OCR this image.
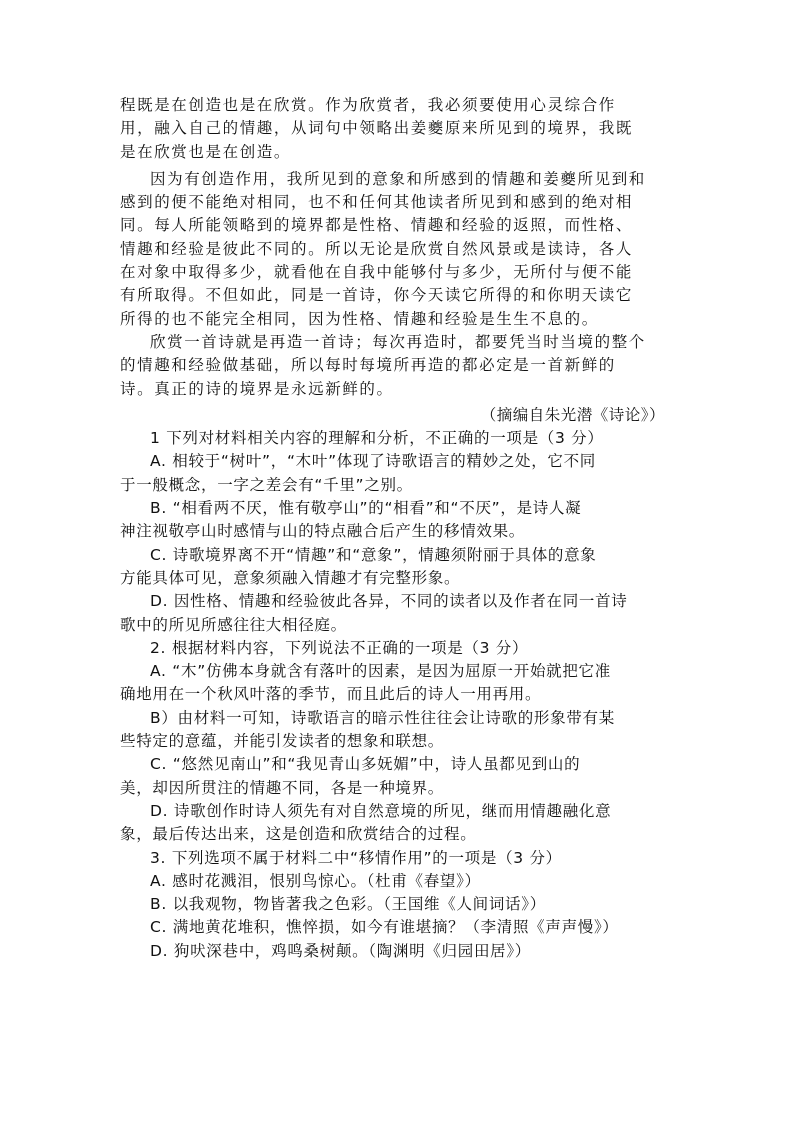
程既是在创造也是在欣赏。作为欣赏者，我必须要使用心灵综合作
用，融入自己的情趣，从词句中领略出姜夔原来所见到的境界，我既
是在欣赏也是在创造。
因为有创造作用，我所见到的意象和所感到的情趣和姜夔所见到和
感到的便不能绝对相同，也不和任何其他读者所见到和感到的绝对相
同。每人所能领略到的境界都是性格、情趣和经验的返照，而性格、
情趣和经验是彼此不同的。所以无论是欣赏自然风景或是读诗，各人
在对象中取得多少，就看他在自我中能够付与多少，无所付与便不能
有所取得。不但如此，同是一首诗，你今天读它所得的和你明天读它
所得的也不能完全相同，因为性格、情趣和经验是生生不息的。
欣赏一首诗就是再造一首诗；每次再造时，都要凭当时当境的整个
的情趣和经验做基础，所以每时每境所再造的都必定是一首新鲜的
诗。真正的诗的境界是永远新鲜的。
（摘编自朱光潜《诗论》）
1 下列对材料相关内容的理解和分析，不正确的一项是（3 分）
A. 相较于“树叶”，“木叶”体现了诗歌语言的精妙之处，它不同
于一般概念，一字之差会有“千里”之别。
B. “相看两不厌，惟有敬亭山”的“相看”和“不厌”，是诗人凝
神注视敬亭山时感情与山的特点融合后产生的移情效果。
C. 诗歌境界离不开“情趣”和“意象”，情趣须附丽于具体的意象
方能具体可见，意象须融入情趣才有完整形象。
D. 因性格、情趣和经验彼此各异，不同的读者以及作者在同一首诗
歌中的所见所感往往大相径庭。
2. 根据材料内容，下列说法不正确的一项是（3 分）
A. “木”仿佛本身就含有落叶的因素，是因为屈原一开始就把它准
确地用在一个秋风叶落的季节，而且此后的诗人一用再用。
B）由材料一可知，诗歌语言的暗示性往往会让诗歌的形象带有某
些特定的意蕴，并能引发读者的想象和联想。
C. “悠然见南山”和“我见青山多妩媚”中，诗人虽都见到山的
美，却因所贯注的情趣不同，各是一种境界。
D. 诗歌创作时诗人须先有对自然意境的所见，继而用情趣融化意
象，最后传达出来，这是创造和欣赏结合的过程。
3. 下列选项不属于材料二中“移情作用”的一项是（3 分）
A. 感时花溅泪，恨别鸟惊心。（杜甫《春望》）
B. 以我观物，物皆著我之色彩。（王国维《人间词话》）
C. 满地黄花堆积，憔悴损，如今有谁堪摘？（李清照《声声慢》）
D. 狗吠深巷中，鸡鸣桑树颠。（陶渊明《归园田居》）
